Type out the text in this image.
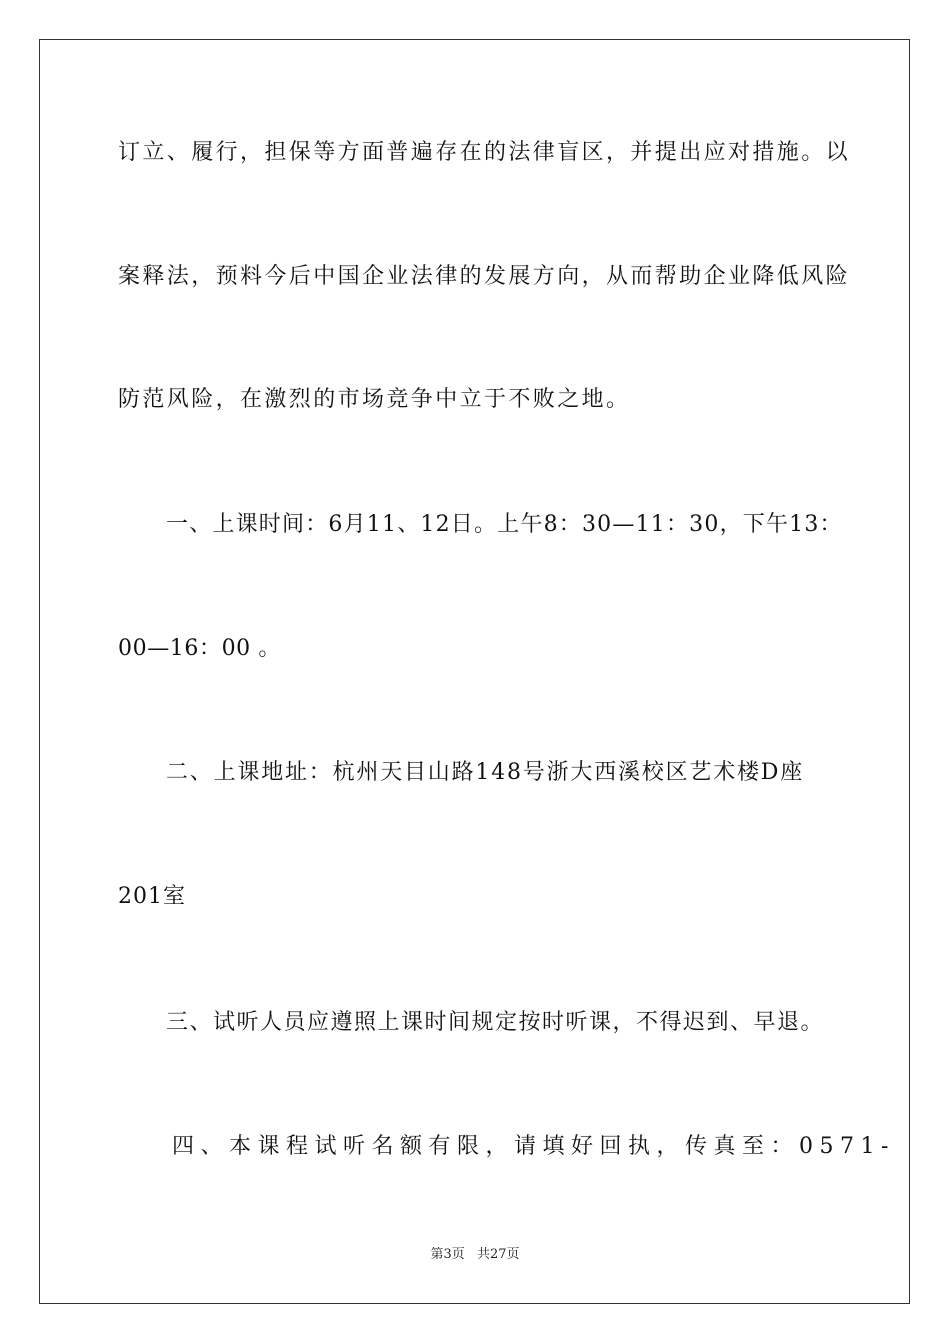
订立、履行，担保等方面普遍存在的法律盲区，并提出应对措施。以
案释法，预料今后中国企业法律的发展方向，从而帮助企业降低风险
防范风险，在激烈的市场竞争中立于不败之地。
一、上课时间：6月11、12日。上午8：30—11：30，下午13：
00—16：00 。
二、上课地址：杭州天目山路148号浙大西溪校区艺术楼D座
201室
三、试听人员应遵照上课时间规定按时听课，不得迟到、早退。
四、本课程试听名额有限，请填好回执，传真至：0571-
第3页 共27页
